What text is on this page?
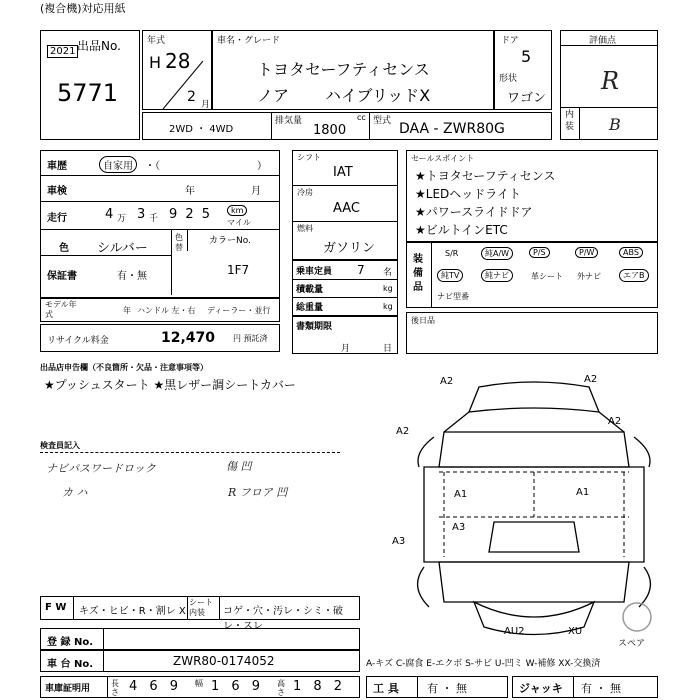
(複合機)対応用紙
出品No.
2021
5771
年式
H 28
2 月
車名・グレード
トヨタセーフティセンス
ノア ハイブリッドX
ドア
5
形状
ワゴン
評価点
R
内装 B
2WD ・ 4WD
排気量	cc
1800
型式 DAA - ZWR80G
車歴	自家用	・（	）
車検	年	月
走行	4 万 3 千 9 2 5	km
マイル
色 シルバー
色替
カラーNo.
保証書	有・無	1F7
モデル年式	年 ハンドル 左・右 ディーラー・並行
リサイクル料金	12,470 円 預託済
シフト
IAT
冷房
AAC
燃料
ガソリン
乗車定員 7 名
積載量	kg
総重量	kg
書類期限
月	日
セールスポイント
★トヨタセーフティセンス
★LEDヘッドライト
★パワースライドドア
★ビルトインETC
装備品
S/R	純A/W	P/S	P/W	ABS
純TV	純ナビ	革シート 外ナビ	エアB
ナビ型番
後日品
出品店申告欄（不良箇所・欠品・注意事項等）
★プッシュスタート ★黒レザー調シートカバー
検査員記入
ナビパスワードロック	傷 凹
カ ハ	R フロア 凹
A2	A2
A2
A2
A1	A1
A3
A3
AU2	XU
スペア
F W キズ・ヒビ・R・割レ X
シート内装	コゲ・穴・汚レ・シミ・破レ・スレ
登 録 No.
車 台 No.	ZWR80-0174052	A-キズ C-腐食 E-エクボ S-サビ U-凹ミ W-補修 XX-交換済
車庫証明用
長さ 4 6 9 幅 1 6 9 高さ 1 8 2 工 具	有 ・ 無	ジャッキ 有 ・ 無
